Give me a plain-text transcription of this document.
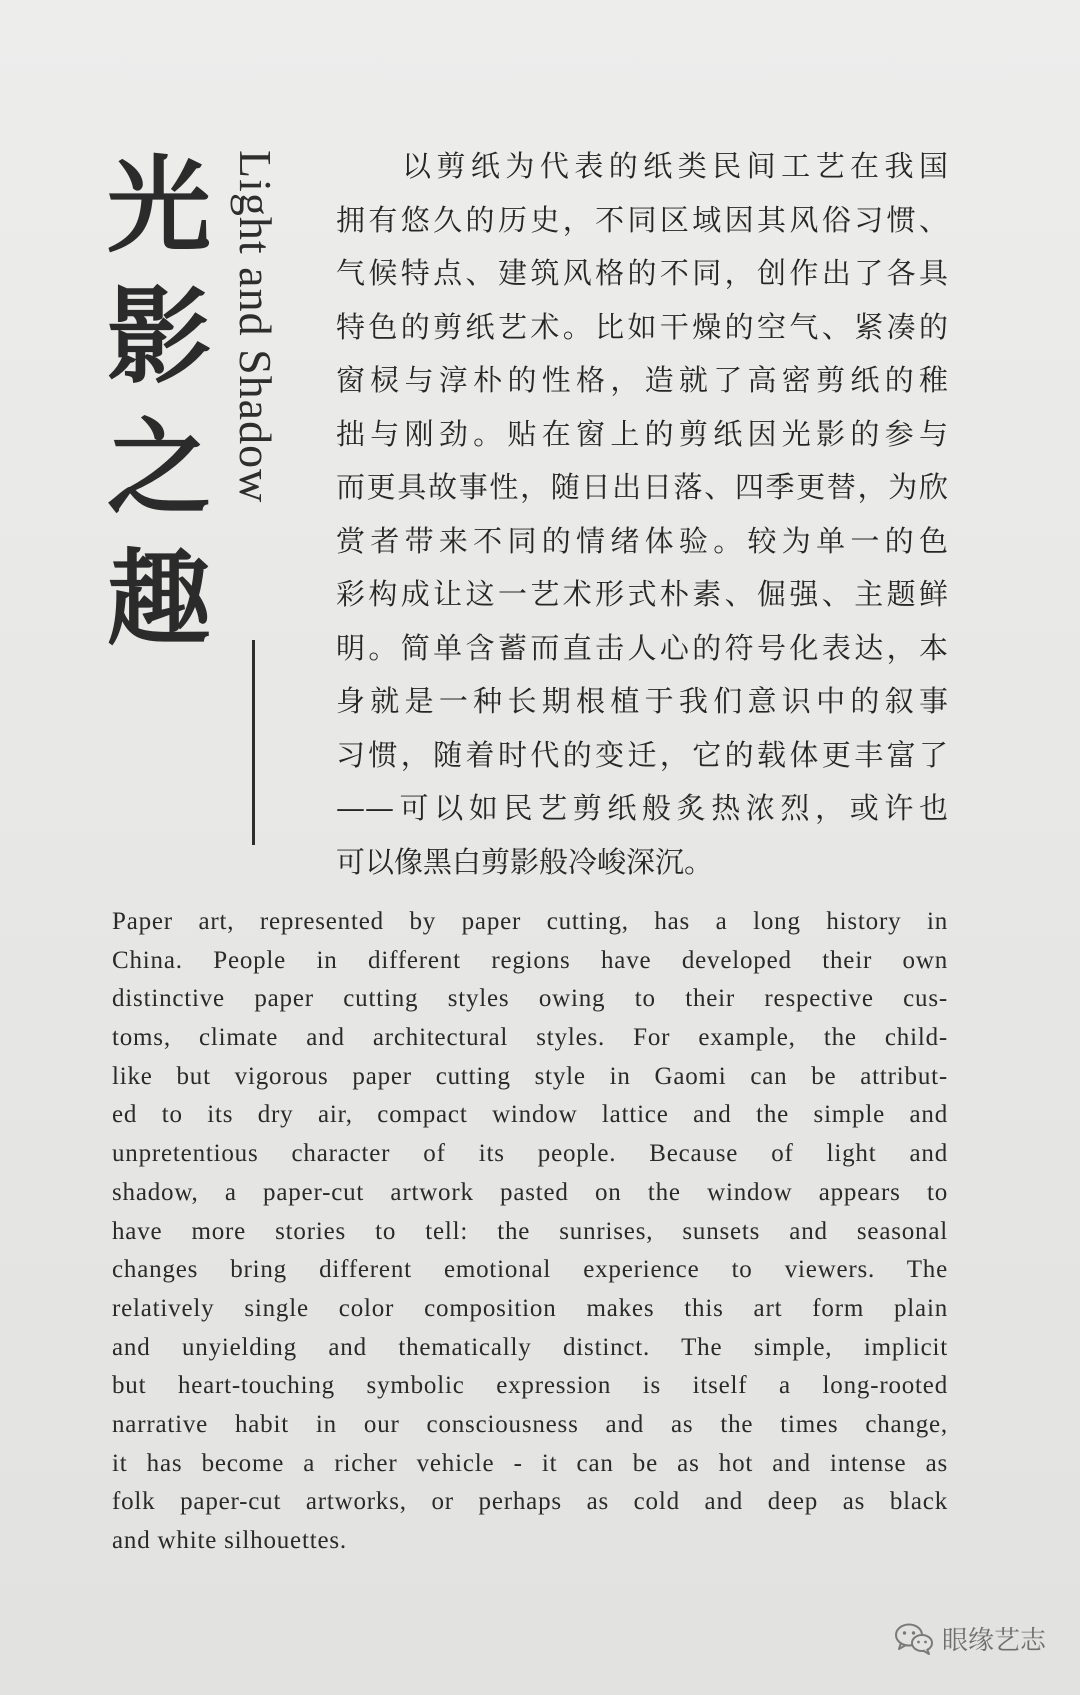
光
影
之
趣
Light and Shadow	以剪纸为代表的纸类民间工艺在我国
拥有悠久的历史，不同区域因其风俗习惯、
气候特点、建筑风格的不同，创作出了各具
特色的剪纸艺术。比如干燥的空气、紧凑的
窗棂与淳朴的性格，造就了高密剪纸的稚
拙与刚劲。贴在窗上的剪纸因光影的参与
而更具故事性，随日出日落、四季更替，为欣
赏者带来不同的情绪体验。较为单一的色
彩构成让这一艺术形式朴素、倔强、主题鲜
明。简单含蓄而直击人心的符号化表达，本
身就是一种长期根植于我们意识中的叙事
习惯，随着时代的变迁，它的载体更丰富了
——可以如民艺剪纸般炙热浓烈，或许也
可以像黑白剪影般冷峻深沉。
Paper art, represented by paper cutting, has a long history in
China. People in different regions have developed their own
distinctive paper cutting styles owing to their respective cus-
toms, climate and architectural styles. For example, the child-
like but vigorous paper cutting style in Gaomi can be attribut-
ed to its dry air, compact window lattice and the simple and
unpretentious character of its people. Because of light and
shadow, a paper-cut artwork pasted on the window appears to
have more stories to tell: the sunrises, sunsets and seasonal
changes bring different emotional experience to viewers. The
relatively single color composition makes this art form plain
and unyielding and thematically distinct. The simple, implicit
but heart-touching symbolic expression is itself a long-rooted
narrative habit in our consciousness and as the times change,
it has become a richer vehicle - it can be as hot and intense as
folk paper-cut artworks, or perhaps as cold and deep as black
and white silhouettes.
眼缘艺志
